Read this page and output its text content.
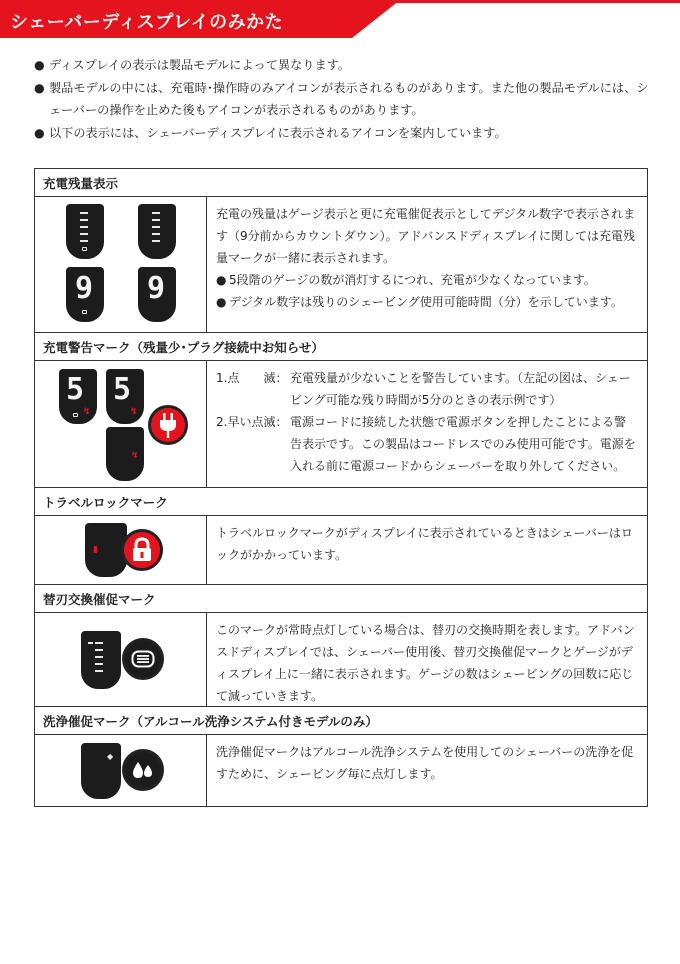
シェーバーディスプレイのみかた
● ディスプレイの表示は製品モデルによって異なります。
● 製品モデルの中には、充電時･操作時のみアイコンが表示されるものがあります。また他の製品モデルには、シェーバーの操作を止めた後もアイコンが表示されるものがあります。
● 以下の表示には、シェーバーディスプレイに表示されるアイコンを案内しています。
充電残量表示
9 9
充電の残量はゲージ表示と更に充電催促表示としてデジタル数字で表示されます（9分前からカウントダウン）。アドバンスドディスプレイに関しては充電残量マークが一緒に表示されます。
● 5段階のゲージの数が消灯するにつれ、充電が少なくなっています。
● デジタル数字は残りのシェービング使用可能時間（分）を示しています。
充電警告マーク（残量少･プラグ接続中お知らせ）
5
↯
5
↯
↯
1.点　　滅： 充電残量が少ないことを警告しています。（左記の図は、シェービング可能な残り時間が5分のときの表示例です）
2.早い点滅： 電源コードに接続した状態で電源ボタンを押したことによる警告表示です。この製品はコードレスでのみ使用可能です。電源を入れる前に電源コードからシェーバーを取り外してください。
トラベルロックマーク
▮
トラベルロックマークがディスプレイに表示されているときはシェーバーはロックがかかっています。
替刃交換催促マーク
このマークが常時点灯している場合は、替刃の交換時期を表します。アドバンスドディスプレイでは、シェーバー使用後、替刃交換催促マークとゲージがディスプレイ上に一緒に表示されます。ゲージの数はシェービングの回数に応じて減っていきます。
洗浄催促マーク（アルコール洗浄システム付きモデルのみ）
◆	洗浄催促マークはアルコール洗浄システムを使用してのシェーバーの洗浄を促すために、シェービング毎に点灯します。
